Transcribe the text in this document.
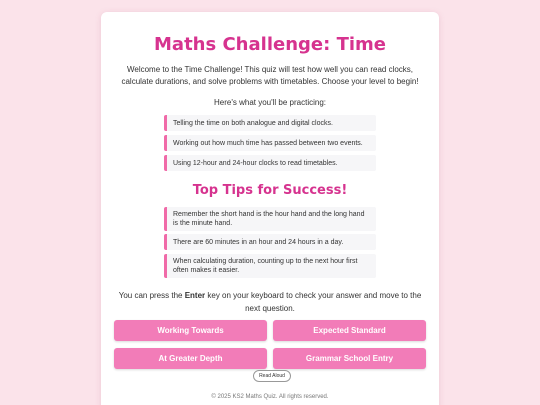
Maths Challenge: Time

Welcome to the Time Challenge! This quiz will test how well you can read clocks, calculate durations, and solve problems with timetables. Choose your level to begin!

Here's what you'll be practicing:

Telling the time on both analogue and digital clocks.
Working out how much time has passed between two events.
Using 12-hour and 24-hour clocks to read timetables.
Top Tips for Success!
Remember the short hand is the hour hand and the long hand is the minute hand.
There are 60 minutes in an hour and 24 hours in a day.
When calculating duration, counting up to the next hour first often makes it easier.

You can press the Enter key on your keyboard to check your answer and move to the next question.

Working Towards	Expected Standard
At Greater Depth	Grammar School Entry
Read Aloud

© 2025 KS2 Maths Quiz. All rights reserved.
